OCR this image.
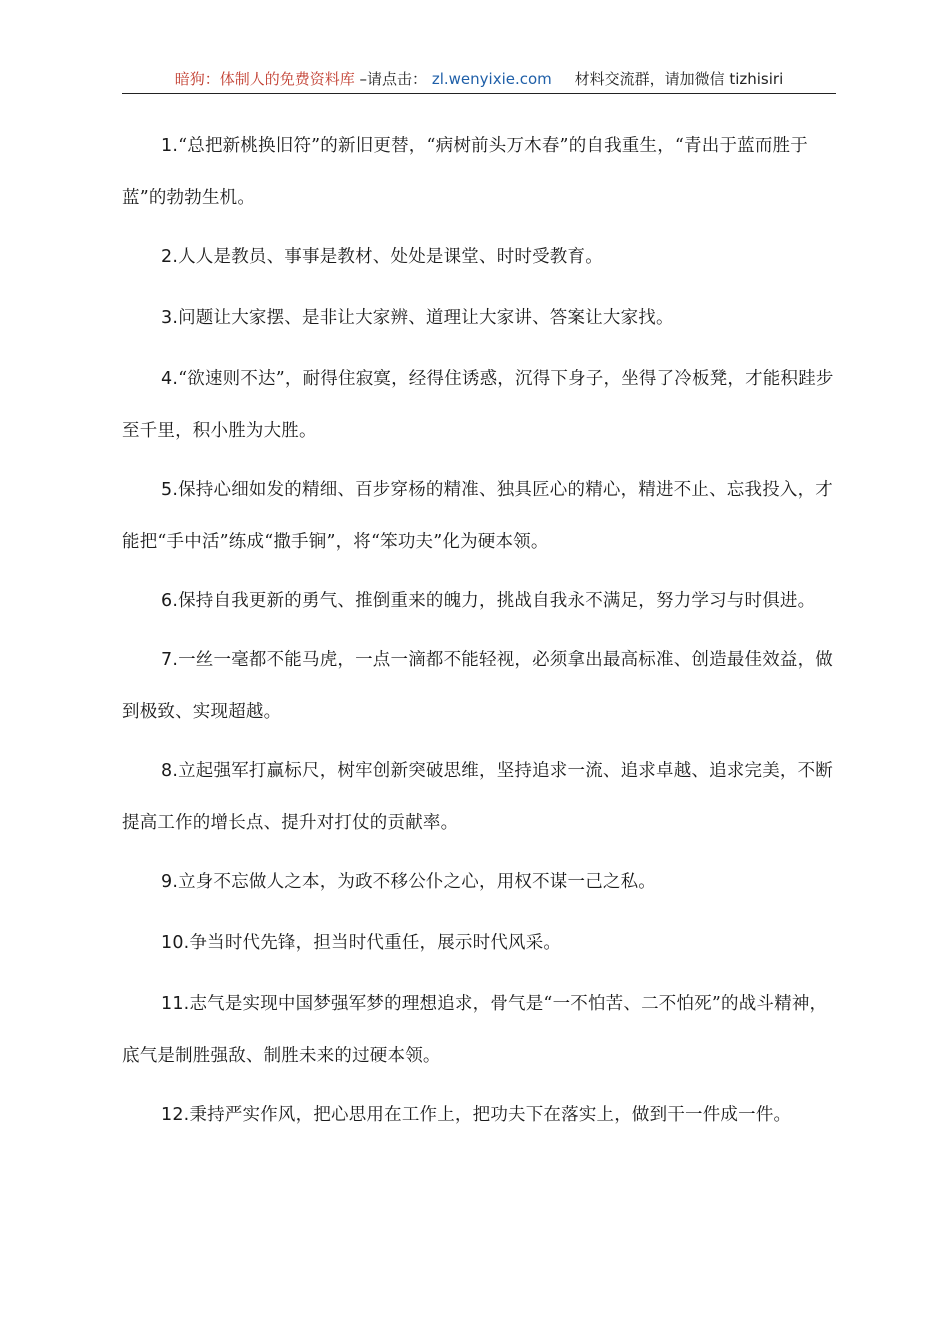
暗狗：体制人的免费资料库 –请点击： zl.wenyixie.com 材料交流群，请加微信 tizhisiri

1.“总把新桃换旧符”的新旧更替，“病树前头万木春”的自我重生，“青出于蓝而胜于蓝”的勃勃生机。

2.人人是教员、事事是教材、处处是课堂、时时受教育。

3.问题让大家摆、是非让大家辨、道理让大家讲、答案让大家找。

4.“欲速则不达”，耐得住寂寞，经得住诱惑，沉得下身子，坐得了冷板凳，才能积跬步至千里，积小胜为大胜。

5.保持心细如发的精细、百步穿杨的精准、独具匠心的精心，精进不止、忘我投入，才能把“手中活”练成“撒手锏”，将“笨功夫”化为硬本领。

6.保持自我更新的勇气、推倒重来的魄力，挑战自我永不满足，努力学习与时俱进。

7.一丝一毫都不能马虎，一点一滴都不能轻视，必须拿出最高标准、创造最佳效益，做到极致、实现超越。

8.立起强军打赢标尺，树牢创新突破思维，坚持追求一流、追求卓越、追求完美，不断提高工作的增长点、提升对打仗的贡献率。

9.立身不忘做人之本，为政不移公仆之心，用权不谋一己之私。

10.争当时代先锋，担当时代重任，展示时代风采。

11.志气是实现中国梦强军梦的理想追求，骨气是“一不怕苦、二不怕死”的战斗精神，底气是制胜强敌、制胜未来的过硬本领。

12.秉持严实作风，把心思用在工作上，把功夫下在落实上，做到干一件成一件。
